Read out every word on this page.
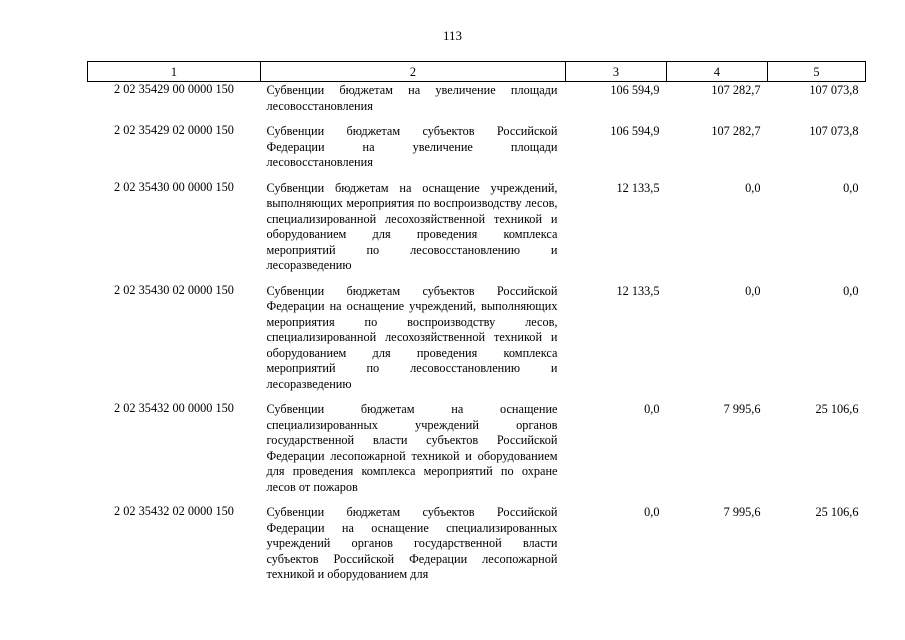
113
1	2	3	4	5
2 02 35429 00 0000 150	Субвенции бюджетам на увеличение площади лесовосстановления	106 594,9	107 282,7	107 073,8
2 02 35429 02 0000 150	Субвенции бюджетам субъектов Российской Федерации на увеличение площади лесовосстановления	106 594,9	107 282,7	107 073,8
2 02 35430 00 0000 150	Субвенции бюджетам на оснащение учреждений, выполняющих мероприятия по воспроизводству лесов, специализированной лесохозяйственной техникой и оборудованием для проведения комплекса мероприятий по лесовосстановлению и лесоразведению	12 133,5	0,0	0,0
2 02 35430 02 0000 150	Субвенции бюджетам субъектов Российской Федерации на оснащение учреждений, выполняющих мероприятия по воспроизводству лесов, специализированной лесохозяйственной техникой и оборудованием для проведения комплекса мероприятий по лесовосстановлению и лесоразведению	12 133,5	0,0	0,0
2 02 35432 00 0000 150	Субвенции бюджетам на оснащение специализированных учреждений органов государственной власти субъектов Российской Федерации лесопожарной техникой и оборудованием для проведения комплекса мероприятий по охране лесов от пожаров	0,0	7 995,6	25 106,6
2 02 35432 02 0000 150	Субвенции бюджетам субъектов Российской Федерации на оснащение специализированных учреждений органов государственной власти субъектов Российской Федерации лесопожарной техникой и оборудованием для	0,0	7 995,6	25 106,6
